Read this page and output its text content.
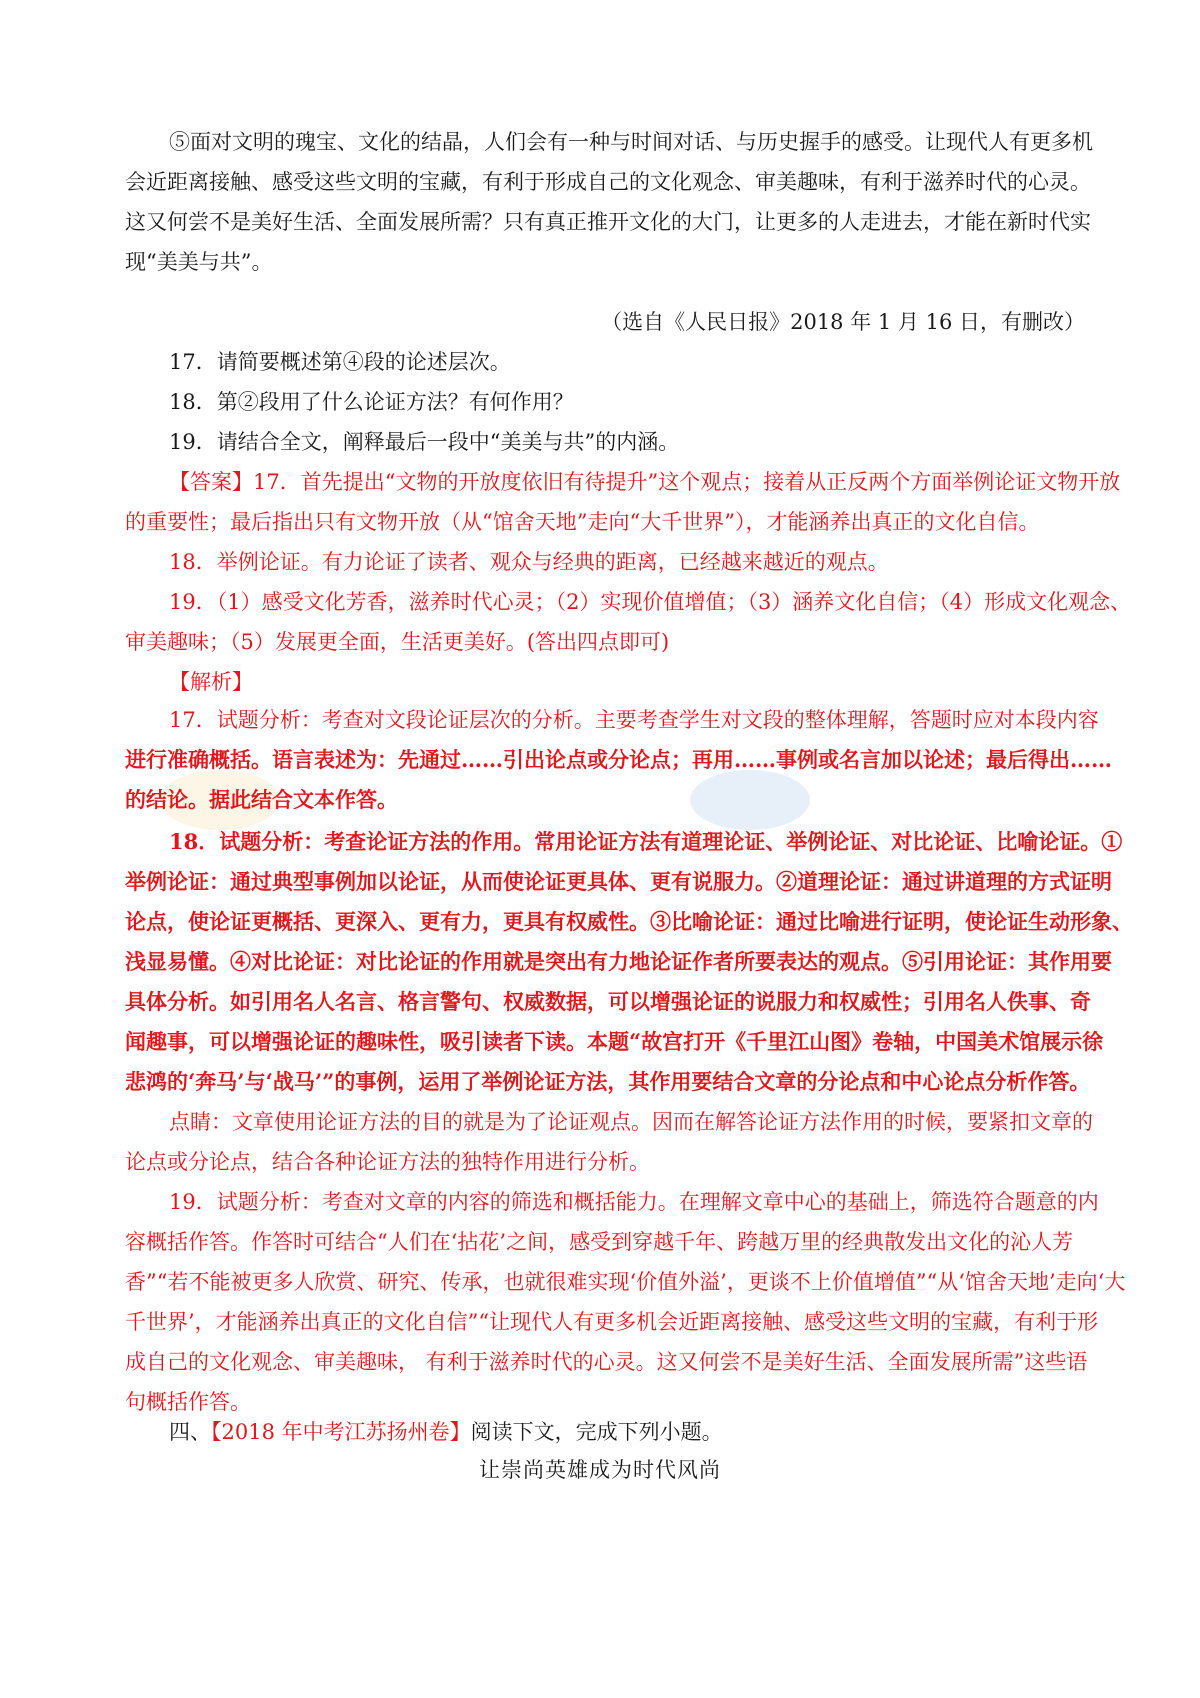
⑤面对文明的瑰宝、文化的结晶，人们会有一种与时间对话、与历史握手的感受。让现代人有更多机
会近距离接触、感受这些文明的宝藏，有利于形成自己的文化观念、审美趣味，有利于滋养时代的心灵。
这又何尝不是美好生活、全面发展所需？只有真正推开文化的大门，让更多的人走进去，才能在新时代实
现“美美与共”。
（选自《人民日报》2018 年 1 月 16 日，有删改）
17．请简要概述第④段的论述层次。
18．第②段用了什么论证方法？有何作用？
19．请结合全文，阐释最后一段中“美美与共”的内涵。
【答案】17．首先提出“文物的开放度依旧有待提升”这个观点；接着从正反两个方面举例论证文物开放
的重要性；最后指出只有文物开放（从“馆舍天地”走向“大千世界”），才能涵养出真正的文化自信。
18．举例论证。有力论证了读者、观众与经典的距离，已经越来越近的观点。
19．（1）感受文化芳香，滋养时代心灵；（2）实现价值增值；（3）涵养文化自信；（4）形成文化观念、
审美趣味；（5）发展更全面，生活更美好。(答出四点即可)
【解析】
17．试题分析：考查对文段论证层次的分析。主要考查学生对文段的整体理解，答题时应对本段内容
进行准确概括。语言表述为：先通过……引出论点或分论点；再用……事例或名言加以论述；最后得出……
的结论。据此结合文本作答。
18．试题分析：考查论证方法的作用。常用论证方法有道理论证、举例论证、对比论证、比喻论证。①
举例论证：通过典型事例加以论证，从而使论证更具体、更有说服力。②道理论证：通过讲道理的方式证明
论点，使论证更概括、更深入、更有力，更具有权威性。③比喻论证：通过比喻进行证明，使论证生动形象、
浅显易懂。④对比论证：对比论证的作用就是突出有力地论证作者所要表达的观点。⑤引用论证：其作用要
具体分析。如引用名人名言、格言警句、权威数据，可以增强论证的说服力和权威性；引用名人佚事、奇
闻趣事，可以增强论证的趣味性，吸引读者下读。本题“故宫打开《千里江山图》卷轴，中国美术馆展示徐
悲鸿的‘奔马’与‘战马’”的事例，运用了举例论证方法，其作用要结合文章的分论点和中心论点分析作答。
点睛：文章使用论证方法的目的就是为了论证观点。因而在解答论证方法作用的时候，要紧扣文章的
论点或分论点，结合各种论证方法的独特作用进行分析。
19．试题分析：考查对文章的内容的筛选和概括能力。在理解文章中心的基础上，筛选符合题意的内
容概括作答。作答时可结合“人们在‘拈花’之间，感受到穿越千年、跨越万里的经典散发出文化的沁人芳
香”“若不能被更多人欣赏、研究、传承，也就很难实现‘价值外溢’，更谈不上价值增值”“从‘馆舍天地’走向‘大
千世界’，才能涵养出真正的文化自信”“让现代人有更多机会近距离接触、感受这些文明的宝藏，有利于形
成自己的文化观念、审美趣味， 有利于滋养时代的心灵。这又何尝不是美好生活、全面发展所需”这些语
句概括作答。
四、【2018 年中考江苏扬州卷】阅读下文，完成下列小题。
让崇尚英雄成为时代风尚
